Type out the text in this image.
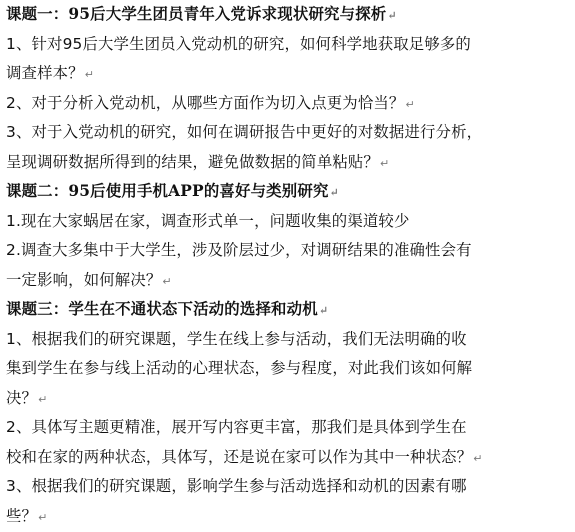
课题一：95后大学生团员青年入党诉求现状研究与探析↵
1、针对95后大学生团员入党动机的研究，如何科学地获取足够多的
调查样本？↵
2、对于分析入党动机，从哪些方面作为切入点更为恰当？↵
3、对于入党动机的研究，如何在调研报告中更好的对数据进行分析，
呈现调研数据所得到的结果，避免做数据的简单粘贴？↵
课题二：95后使用手机APP的喜好与类别研究↵
1.现在大家蜗居在家，调查形式单一，问题收集的渠道较少
2.调查大多集中于大学生，涉及阶层过少，对调研结果的准确性会有
一定影响，如何解决？↵
课题三：学生在不通状态下活动的选择和动机↵
1、根据我们的研究课题，学生在线上参与活动，我们无法明确的收
集到学生在参与线上活动的心理状态，参与程度，对此我们该如何解
决？↵
2、具体写主题更精准，展开写内容更丰富，那我们是具体到学生在
校和在家的两种状态，具体写，还是说在家可以作为其中一种状态？↵
3、根据我们的研究课题，影响学生参与活动选择和动机的因素有哪
些？↵
